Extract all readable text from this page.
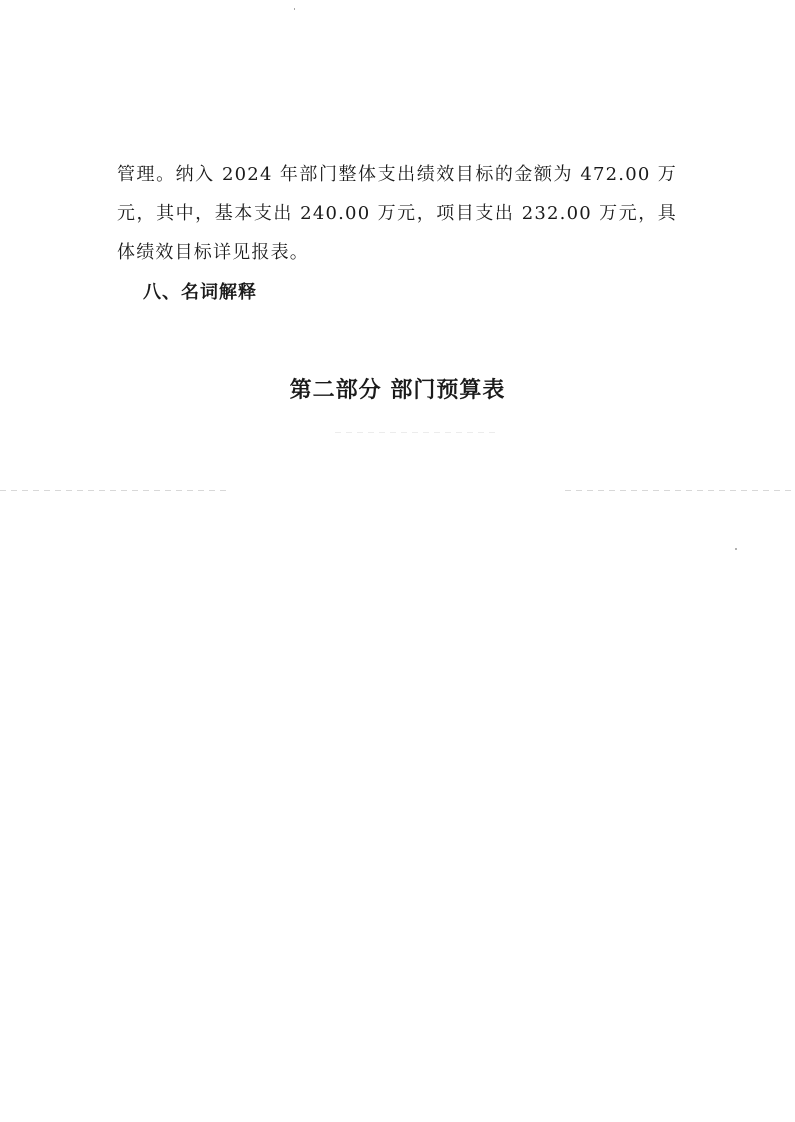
管理。纳入 2024 年部门整体支出绩效目标的金额为 472.00 万
元，其中，基本支出 240.00 万元，项目支出 232.00 万元，具
体绩效目标详见报表。
八、名词解释
第二部分 部门预算表
